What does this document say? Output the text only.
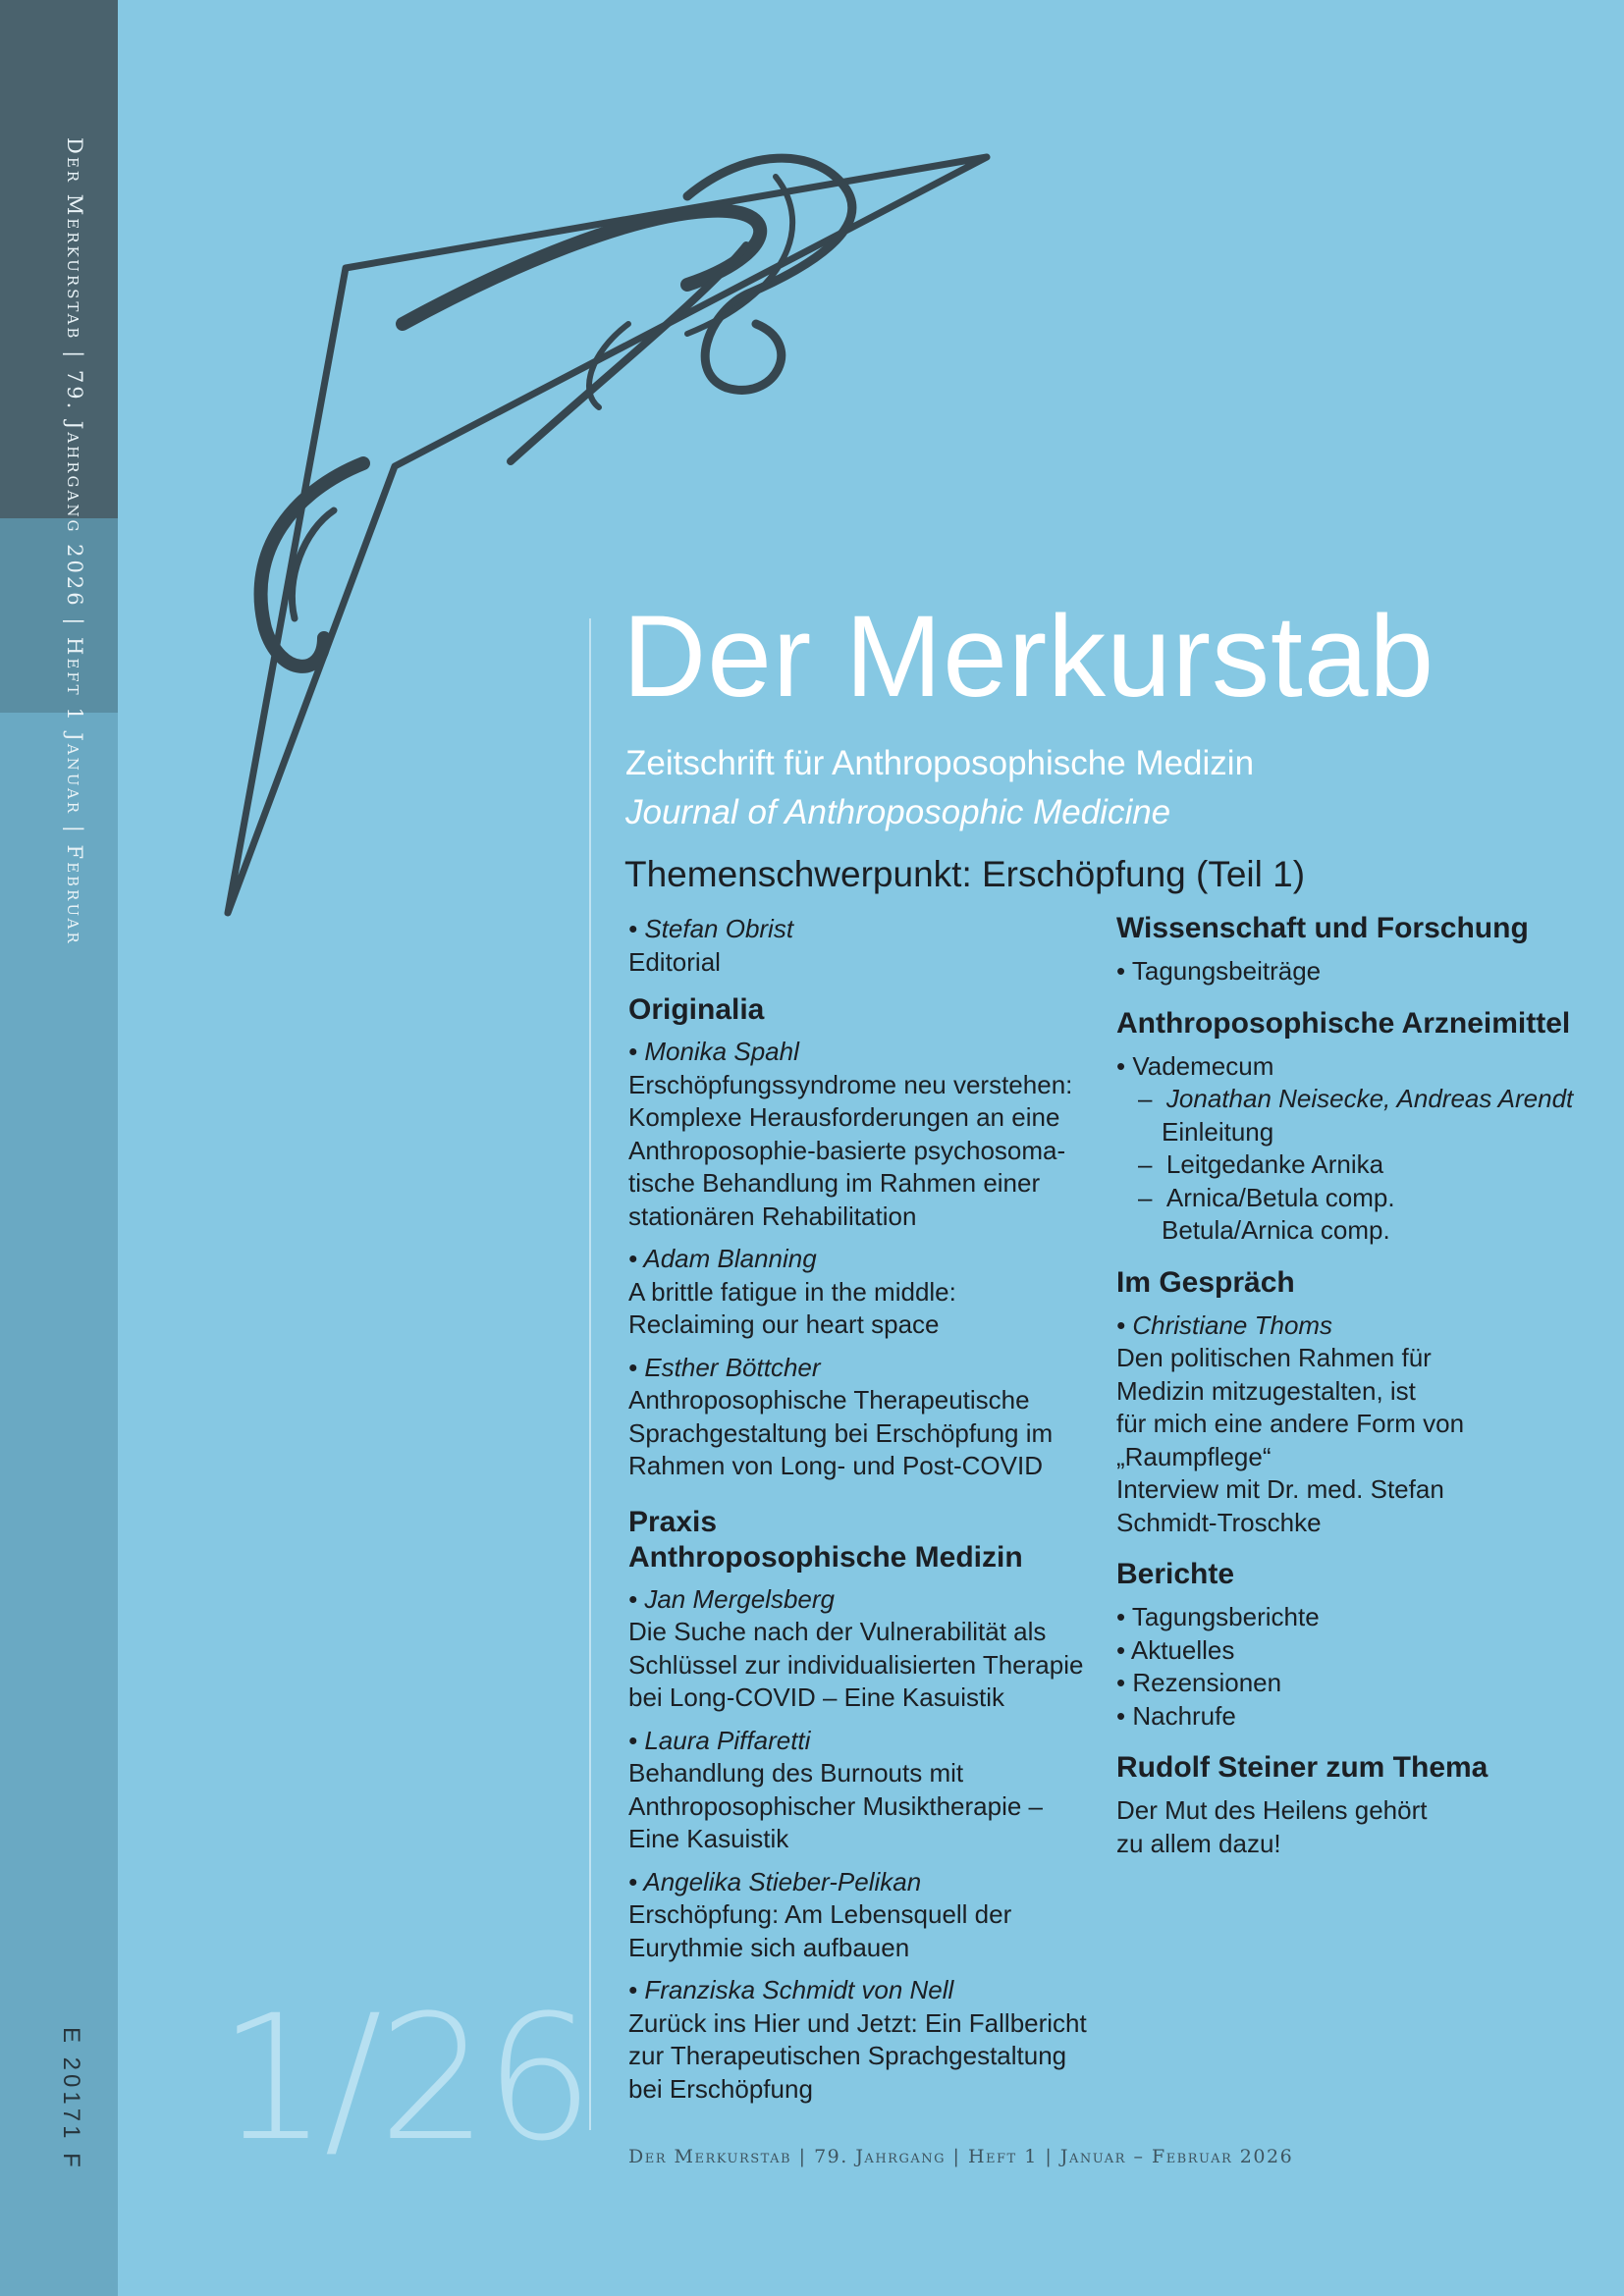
Der Merkurstab | 79. Jahrgang 2026 | Heft 1 Januar | Februar
E 20171 F
Der Merkurstab
Zeitschrift für Anthroposophische Medizin
Journal of Anthroposophic Medicine
Themenschwerpunkt: Erschöpfung (Teil 1)
• Stefan Obrist
Editorial
Originalia
• Monika Spahl
Erschöpfungssyndrome neu verstehen:
Komplexe Herausforderungen an eine
Anthroposophie-basierte psychosoma-
tische Behandlung im Rahmen einer
stationären Rehabilitation
• Adam Blanning
A brittle fatigue in the middle:
Reclaiming our heart space
• Esther Böttcher
Anthroposophische Therapeutische
Sprachgestaltung bei Erschöpfung im
Rahmen von Long- und Post-COVID
Praxis
Anthroposophische Medizin
• Jan Mergelsberg
Die Suche nach der Vulnerabilität als
Schlüssel zur individualisierten Therapie
bei Long-COVID – Eine Kasuistik
• Laura Piffaretti
Behandlung des Burnouts mit
Anthroposophischer Musiktherapie –
Eine Kasuistik
• Angelika Stieber-Pelikan
Erschöpfung: Am Lebensquell der
Eurythmie sich aufbauen
• Franziska Schmidt von Nell
Zurück ins Hier und Jetzt: Ein Fallbericht
zur Therapeutischen Sprachgestaltung
bei Erschöpfung
Wissenschaft und Forschung
• Tagungsbeiträge
Anthroposophische Arzneimittel
• Vademecum
– Jonathan Neisecke, Andreas Arendt
Einleitung
– Leitgedanke Arnika
– Arnica/Betula comp.
Betula/Arnica comp.
Im Gespräch
• Christiane Thoms
Den politischen Rahmen für
Medizin mitzugestalten, ist
für mich eine andere Form von
„Raumpflege“
Interview mit Dr. med. Stefan
Schmidt-Troschke
Berichte
• Tagungsberichte
• Aktuelles
• Rezensionen
• Nachrufe
Rudolf Steiner zum Thema
Der Mut des Heilens gehört
zu allem dazu!
1/26 Der Merkurstab | 79. Jahrgang | Heft 1 | Januar – Februar 2026
